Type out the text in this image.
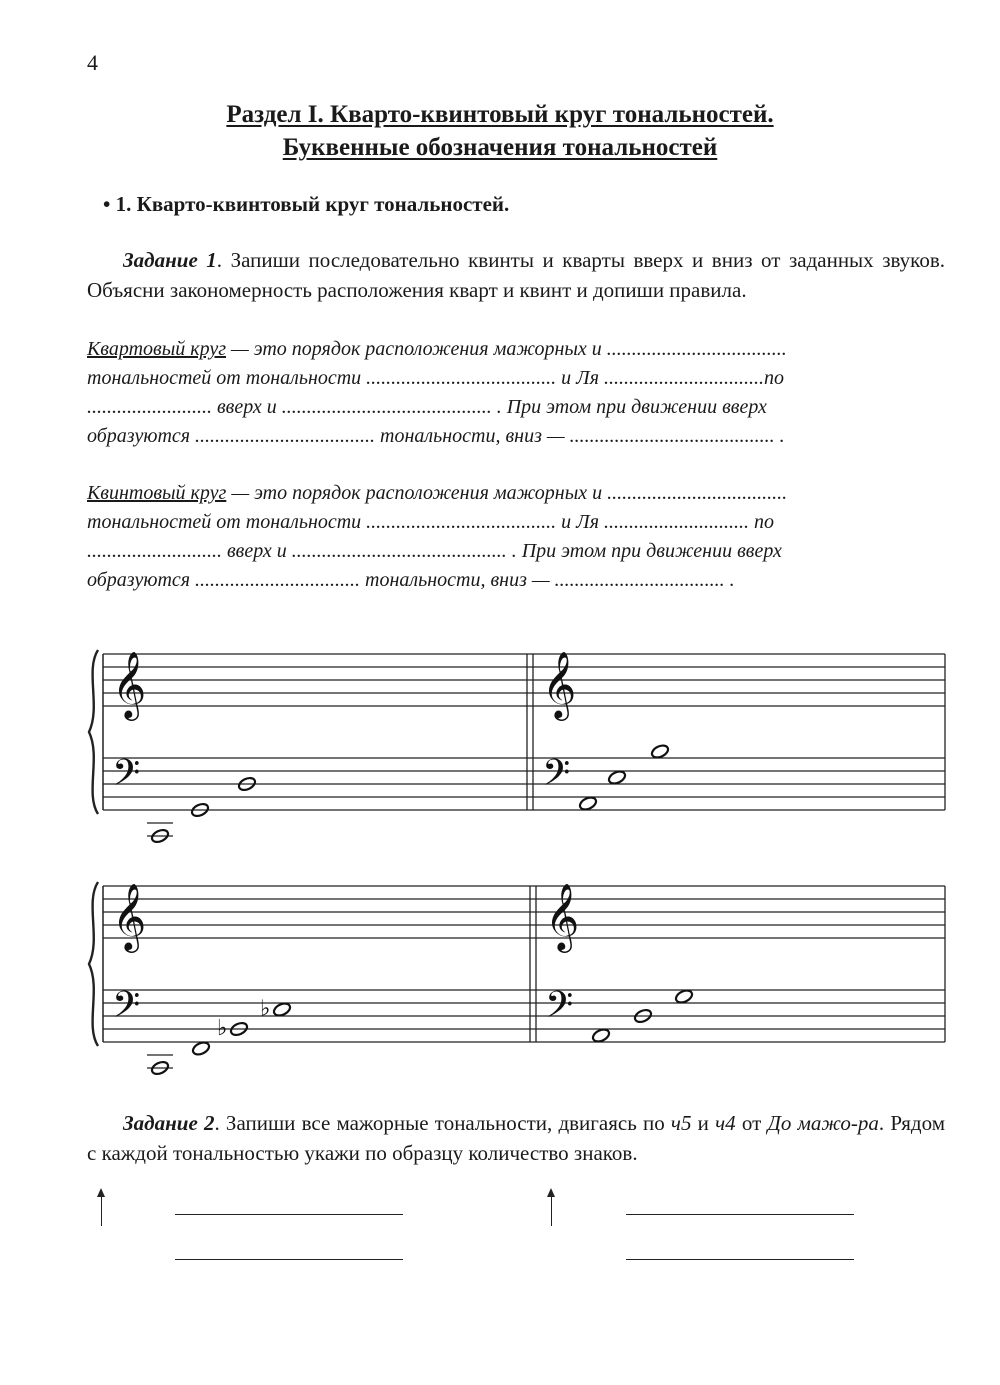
4
Раздел I. Кварто-квинтовый круг тональностей.
Буквенные обозначения тональностей
• 1. Кварто-квинтовый круг тональностей.
Задание 1. Запиши последовательно квинты и кварты вверх и вниз от заданных звуков. Объясни закономерность расположения кварт и квинт и допиши правила.
Квартовый круг — это порядок расположения мажорных и ....................................
тональностей от тональности ...................................... и Ля ................................по
......................... вверх и .......................................... . При этом при движении вверх
образуются .................................... тональности, вниз — ......................................... .
Квинтовый круг — это порядок расположения мажорных и ....................................
тональностей от тональности ...................................... и Ля ............................. по
........................... вверх и ........................................... . При этом при движении вверх
образуются ................................. тональности, вниз — .................................. .
𝄞
𝄢
𝄞
𝄢
𝄞
𝄢
𝄞
𝄢
♭
♭
Задание 2. Запиши все мажорные тональности, двигаясь по ч5 и ч4 от До мажо-ра. Рядом с каждой тональностью укажи по образцу количество знаков.
